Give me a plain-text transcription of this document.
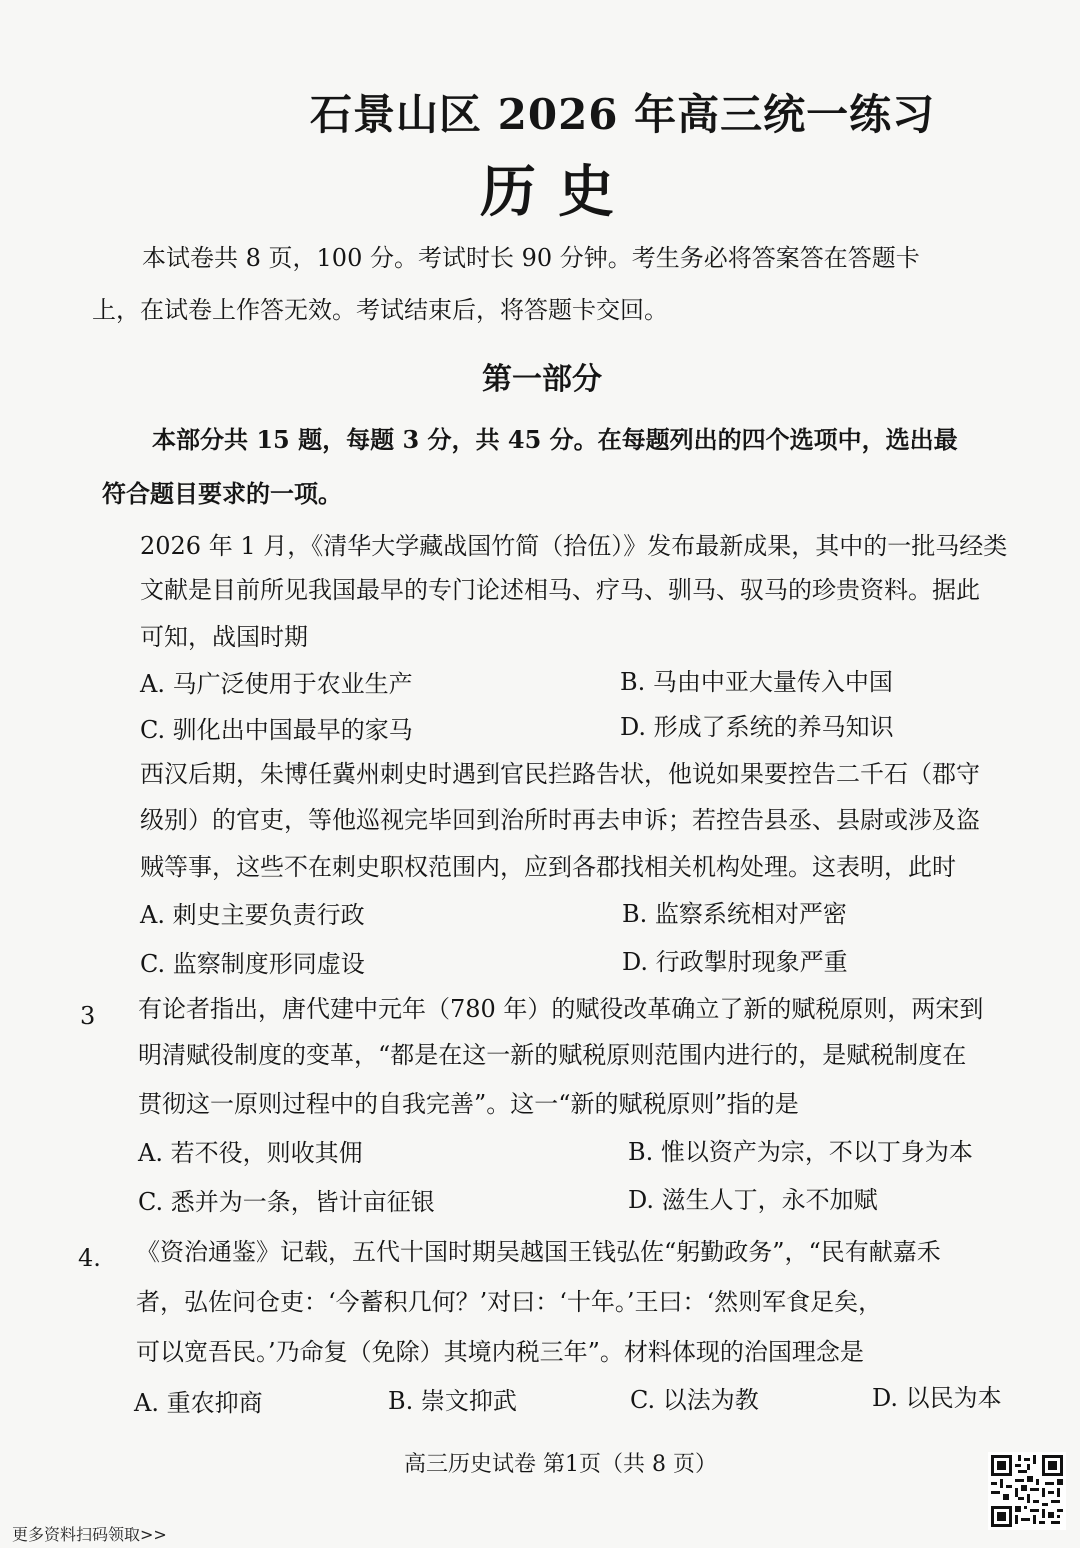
石景山区 2026 年高三统一练习
历史
本试卷共 8 页，100 分。考试时长 90 分钟。考生务必将答案答在答题卡
上，在试卷上作答无效。考试结束后，将答题卡交回。
第一部分
本部分共 15 题，每题 3 分，共 45 分。在每题列出的四个选项中，选出最
符合题目要求的一项。
2026 年 1 月，《清华大学藏战国竹简（拾伍）》发布最新成果，其中的一批马经类
文献是目前所见我国最早的专门论述相马、疗马、驯马、驭马的珍贵资料。据此
可知，战国时期
A. 马广泛使用于农业生产	B. 马由中亚大量传入中国
C. 驯化出中国最早的家马	D. 形成了系统的养马知识
西汉后期，朱博任冀州刺史时遇到官民拦路告状，他说如果要控告二千石（郡守
级别）的官吏，等他巡视完毕回到治所时再去申诉；若控告县丞、县尉或涉及盗
贼等事，这些不在刺史职权范围内，应到各郡找相关机构处理。这表明，此时
A. 刺史主要负责行政	B. 监察系统相对严密
C. 监察制度形同虚设	D. 行政掣肘现象严重
3 有论者指出，唐代建中元年（780 年）的赋役改革确立了新的赋税原则，两宋到
明清赋役制度的变革，“都是在这一新的赋税原则范围内进行的，是赋税制度在
贯彻这一原则过程中的自我完善”。这一“新的赋税原则”指的是
A. 若不役，则收其佣	B. 惟以资产为宗，不以丁身为本
C. 悉并为一条，皆计亩征银	D. 滋生人丁，永不加赋
4. 《资治通鉴》记载，五代十国时期吴越国王钱弘佐“躬勤政务”，“民有献嘉禾
者，弘佐问仓吏：‘今蓄积几何？’对曰：‘十年。’王曰：‘然则军食足矣，
可以宽吾民。’乃命复（免除）其境内税三年”。材料体现的治国理念是
A. 重农抑商	B. 崇文抑武	C. 以法为教	D. 以民为本
高三历史试卷 第1页（共 8 页）
更多资料扫码领取>>
